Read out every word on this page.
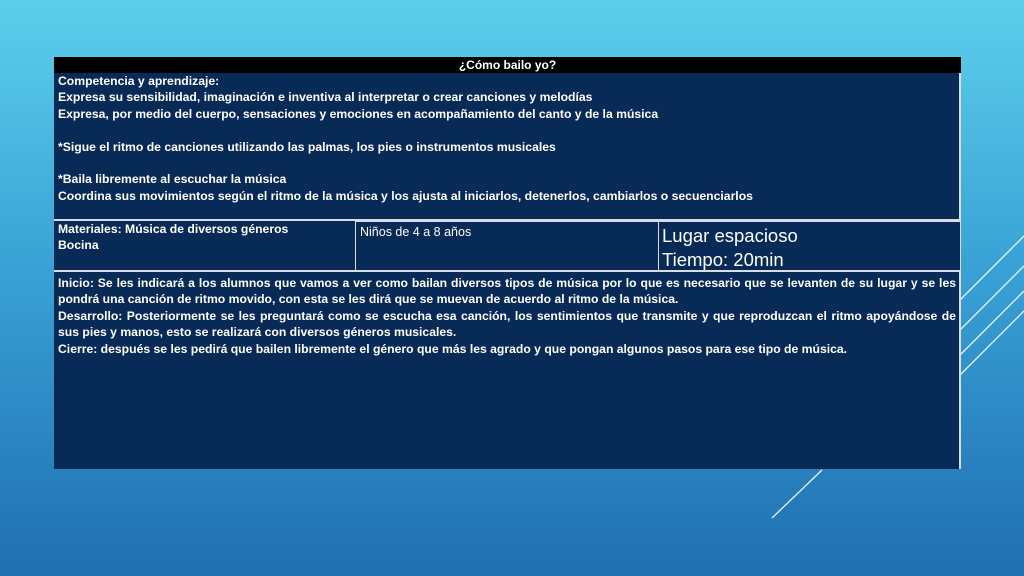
¿Cómo bailo yo?

Competencia y aprendizaje:

Expresa su sensibilidad, imaginación e inventiva al interpretar o crear canciones y melodías

Expresa, por medio del cuerpo, sensaciones y emociones en acompañamiento del canto y de la música

*Sigue el ritmo de canciones utilizando las palmas, los pies o instrumentos musicales

*Baila libremente al escuchar la música

Coordina sus movimientos según el ritmo de la música y los ajusta al iniciarlos, detenerlos, cambiarlos o secuenciarlos

Materiales: Música de diversos géneros

Bocina

Niños de 4 a 8 años	Lugar espacioso
Tiempo: 20min

Inicio: Se les indicará a los alumnos que vamos a ver como bailan diversos tipos de música por lo que es necesario que se levanten de su lugar y se les pondrá una canción de ritmo movido, con esta se les dirá que se muevan de acuerdo al ritmo de la música.

Desarrollo: Posteriormente se les preguntará como se escucha esa canción, los sentimientos que transmite y que reproduzcan el ritmo apoyándose de sus pies y manos, esto se realizará con diversos géneros musicales.

Cierre: después se les pedirá que bailen libremente el género que más les agrado y que pongan algunos pasos para ese tipo de música.
